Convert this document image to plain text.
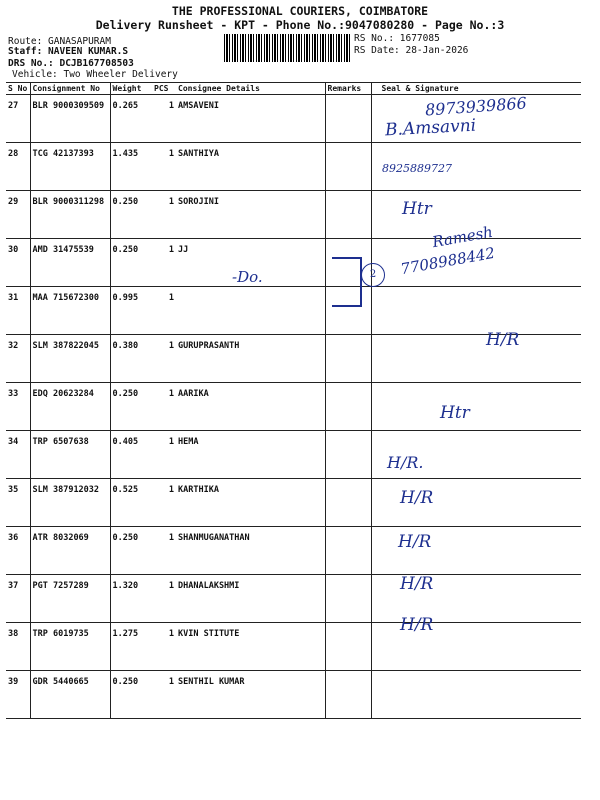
THE PROFESSIONAL COURIERS, COIMBATORE
Delivery Runsheet - KPT - Phone No.:9047080280 - Page No.:3
Route: GANASAPURAM
Staff: NAVEEN KUMAR.S
DRS No.: DCJB167708503
Vehicle: Two Wheeler Delivery
RS No.: 1677085
RS Date: 28-Jan-2026
S No	Consignment No	Weight	PCS	Consignee Details	Remarks	Seal & Signature
27	BLR 9000309509	0.265	1	AMSAVENI		
28	TCG 42137393	1.435	1	SANTHIYA		
29	BLR 9000311298	0.250	1	SOROJINI		
30	AMD 31475539	0.250	1	JJ		
31	MAA 715672300	0.995	1			
32	SLM 387822045	0.380	1	GURUPRASANTH		
33	EDQ 20623284	0.250	1	AARIKA		
34	TRP 6507638	0.405	1	HEMA		
35	SLM 387912032	0.525	1	KARTHIKA		
36	ATR 8032069	0.250	1	SHANMUGANATHAN		
37	PGT 7257289	1.320	1	DHANALAKSHMI		
38	TRP 6019735	1.275	1	KVIN STITUTE		
39	GDR 5440665	0.250	1	SENTHIL KUMAR		
8973939866
B.Amsavni
8925889727
Htr
Ramesh
7708988442
-Do.	2
H/R
Htr
H/R.
H/R
H/R
H/R
H/R
